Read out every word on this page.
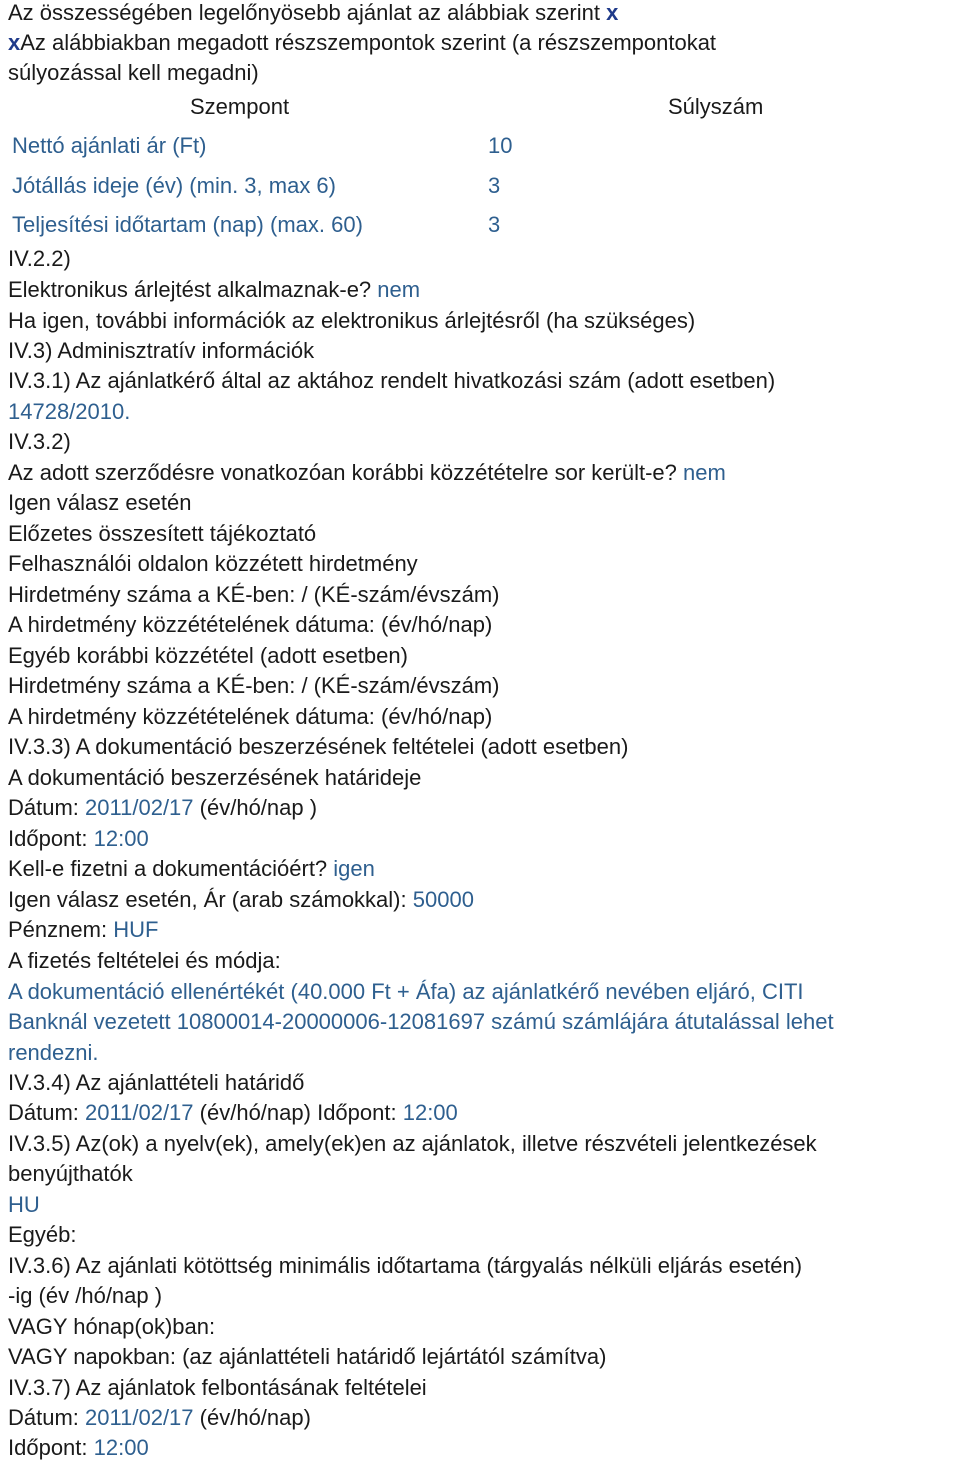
Az összességében legelőnyösebb ajánlat az alábbiak szerint x
xAz alábbiakban megadott részszempontok szerint (a részszempontokat
súlyozással kell megadni)
Szempont	Súlyszám
Nettó ajánlati ár (Ft)	10
Jótállás ideje (év) (min. 3, max 6)	3
Teljesítési időtartam (nap) (max. 60)	3
IV.2.2)
Elektronikus árlejtést alkalmaznak-e? nem
Ha igen, további információk az elektronikus árlejtésről (ha szükséges)
IV.3) Adminisztratív információk
IV.3.1) Az ajánlatkérő által az aktához rendelt hivatkozási szám (adott esetben)
14728/2010.
IV.3.2)
Az adott szerződésre vonatkozóan korábbi közzétételre sor került-e? nem
Igen válasz esetén
Előzetes összesített tájékoztató
Felhasználói oldalon közzétett hirdetmény
Hirdetmény száma a KÉ-ben: / (KÉ-szám/évszám)
A hirdetmény közzétételének dátuma: (év/hó/nap)
Egyéb korábbi közzététel (adott esetben)
Hirdetmény száma a KÉ-ben: / (KÉ-szám/évszám)
A hirdetmény közzétételének dátuma: (év/hó/nap)
IV.3.3) A dokumentáció beszerzésének feltételei (adott esetben)
A dokumentáció beszerzésének határideje
Dátum: 2011/02/17 (év/hó/nap )
Időpont: 12:00
Kell-e fizetni a dokumentációért? igen
Igen válasz esetén, Ár (arab számokkal): 50000
Pénznem: HUF
A fizetés feltételei és módja:
A dokumentáció ellenértékét (40.000 Ft + Áfa) az ajánlatkérő nevében eljáró, CITI
Banknál vezetett 10800014-20000006-12081697 számú számlájára átutalással lehet
rendezni.
IV.3.4) Az ajánlattételi határidő
Dátum: 2011/02/17 (év/hó/nap) Időpont: 12:00
IV.3.5) Az(ok) a nyelv(ek), amely(ek)en az ajánlatok, illetve részvételi jelentkezések
benyújthatók
HU
Egyéb:
IV.3.6) Az ajánlati kötöttség minimális időtartama (tárgyalás nélküli eljárás esetén)
-ig (év /hó/nap )
VAGY hónap(ok)ban:
VAGY napokban: (az ajánlattételi határidő lejártától számítva)
IV.3.7) Az ajánlatok felbontásának feltételei
Dátum: 2011/02/17 (év/hó/nap)
Időpont: 12:00
